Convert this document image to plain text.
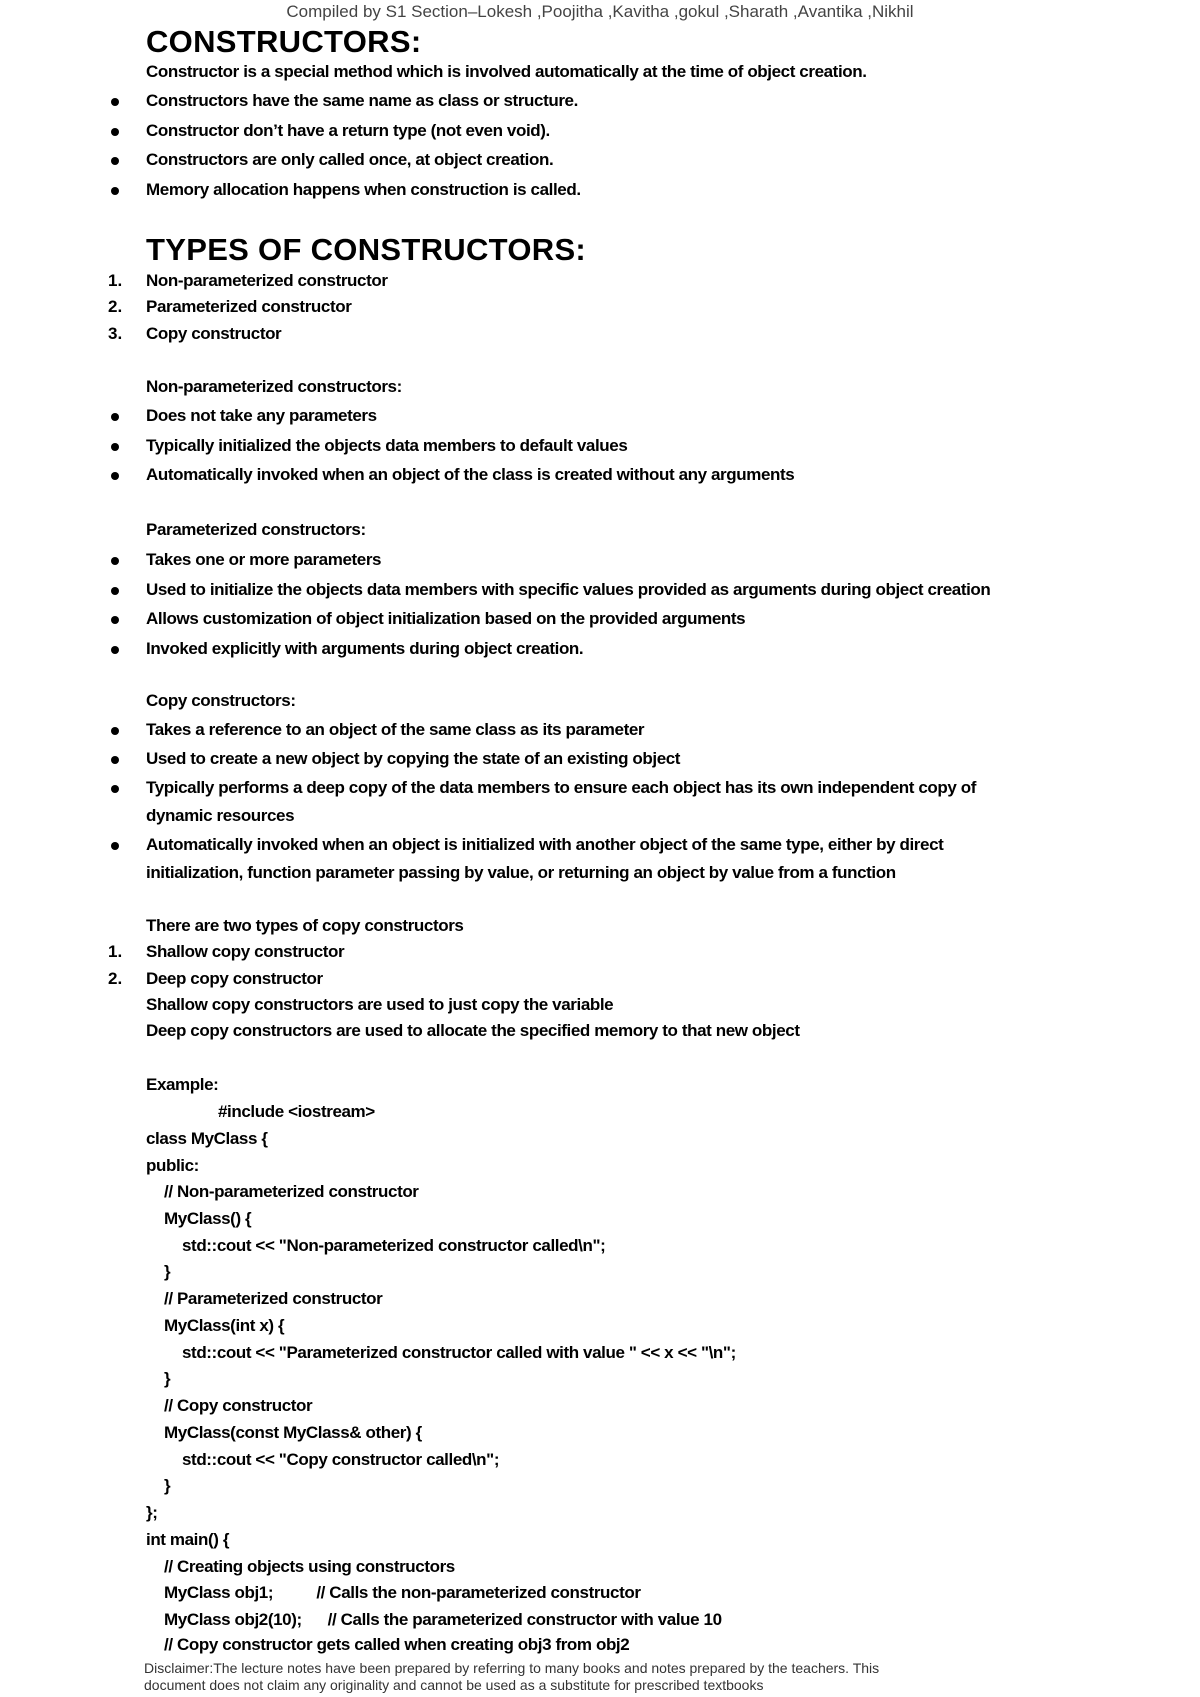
Compiled by S1 Section–Lokesh ,Poojitha ,Kavitha ,gokul ,Sharath ,Avantika ,Nikhil
CONSTRUCTORS:
Constructor is a special method which is involved automatically at the time of object creation.
Constructors have the same name as class or structure.
Constructor don’t have a return type (not even void).
Constructors are only called once, at object creation.
Memory allocation happens when construction is called.
TYPES OF CONSTRUCTORS:
1. Non-parameterized constructor
2. Parameterized constructor
3. Copy constructor
Non-parameterized constructors:
Does not take any parameters
Typically initialized the objects data members to default values
Automatically invoked when an object of the class is created without any arguments
Parameterized constructors:
Takes one or more parameters
Used to initialize the objects data members with specific values provided as arguments during object creation
Allows customization of object initialization based on the provided arguments
Invoked explicitly with arguments during object creation.
Copy constructors:
Takes a reference to an object of the same class as its parameter
Used to create a new object by copying the state of an existing object
Typically performs a deep copy of the data members to ensure each object has its own independent copy of
dynamic resources
Automatically invoked when an object is initialized with another object of the same type, either by direct
initialization, function parameter passing by value, or returning an object by value from a function
There are two types of copy constructors
1. Shallow copy constructor
2. Deep copy constructor
Shallow copy constructors are used to just copy the variable
Deep copy constructors are used to allocate the specified memory to that new object
Example:
#include <iostream>
class MyClass {
public:
// Non-parameterized constructor
MyClass() {
std::cout << "Non-parameterized constructor called\n";
}
// Parameterized constructor
MyClass(int x) {
std::cout << "Parameterized constructor called with value " << x << "\n";
}
// Copy constructor
MyClass(const MyClass& other) {
std::cout << "Copy constructor called\n";
}
};
int main() {
// Creating objects using constructors
MyClass obj1;          // Calls the non-parameterized constructor
MyClass obj2(10);      // Calls the parameterized constructor with value 10
// Copy constructor gets called when creating obj3 from obj2
Disclaimer:The lecture notes have been prepared by referring to many books and notes prepared by the teachers. This
document does not claim any originality and cannot be used as a substitute for prescribed textbooks
